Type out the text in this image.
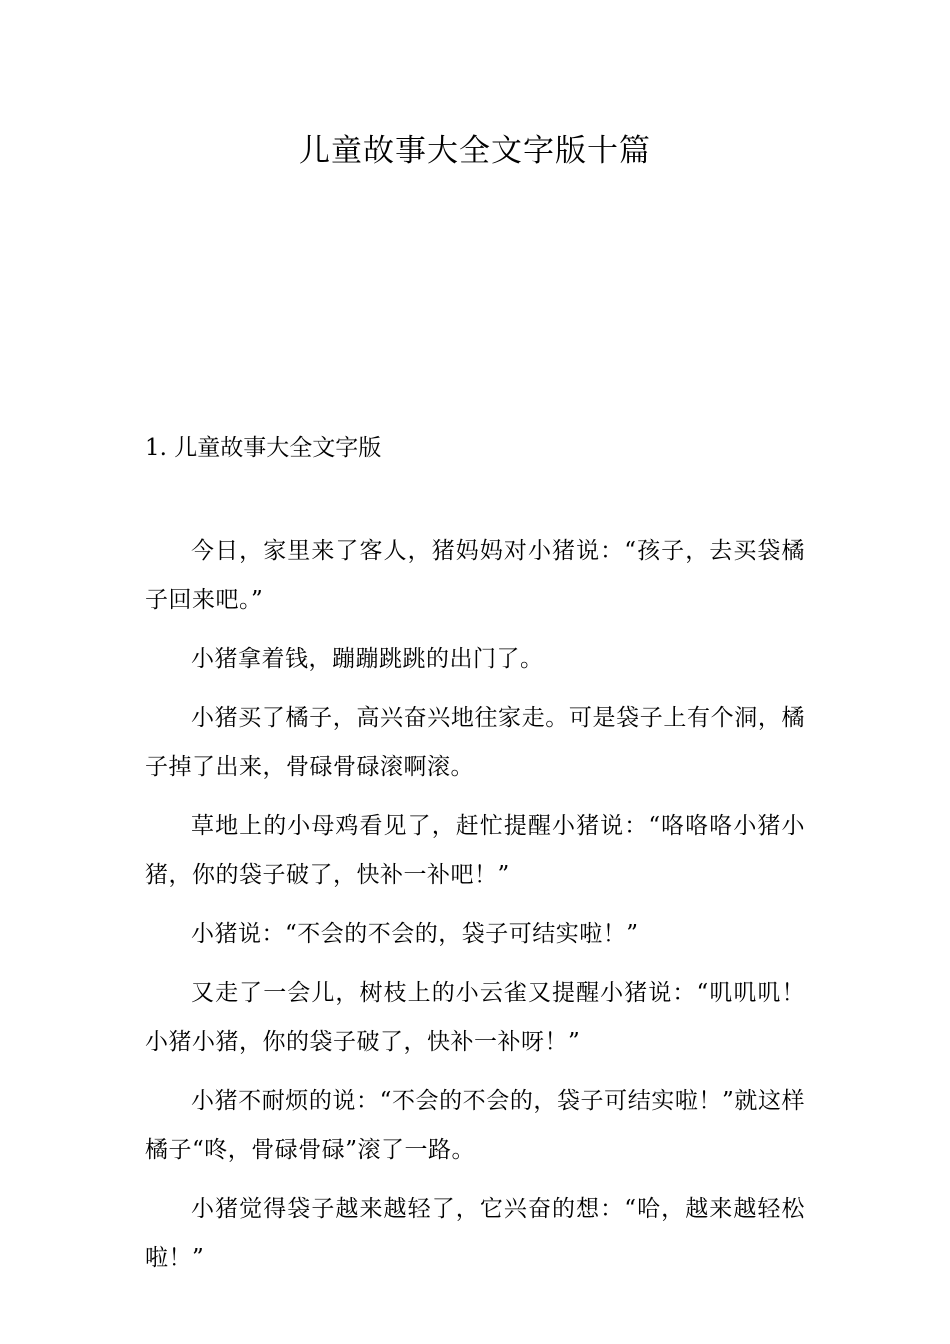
儿童故事大全文字版十篇
1. 儿童故事大全文字版

今日，家里来了客人，猪妈妈对小猪说：“孩子，去买袋橘子回来吧。”

小猪拿着钱，蹦蹦跳跳的出门了。

小猪买了橘子，高兴奋兴地往家走。可是袋子上有个洞，橘子掉了出来，骨碌骨碌滚啊滚。

草地上的小母鸡看见了，赶忙提醒小猪说：“咯咯咯小猪小猪，你的袋子破了，快补一补吧！”

小猪说：“不会的不会的，袋子可结实啦！”

又走了一会儿，树枝上的小云雀又提醒小猪说：“叽叽叽！小猪小猪，你的袋子破了，快补一补呀！”

小猪不耐烦的说：“不会的不会的，袋子可结实啦！”就这样橘子“咚，骨碌骨碌”滚了一路。

小猪觉得袋子越来越轻了，它兴奋的想：“哈，越来越轻松啦！”
